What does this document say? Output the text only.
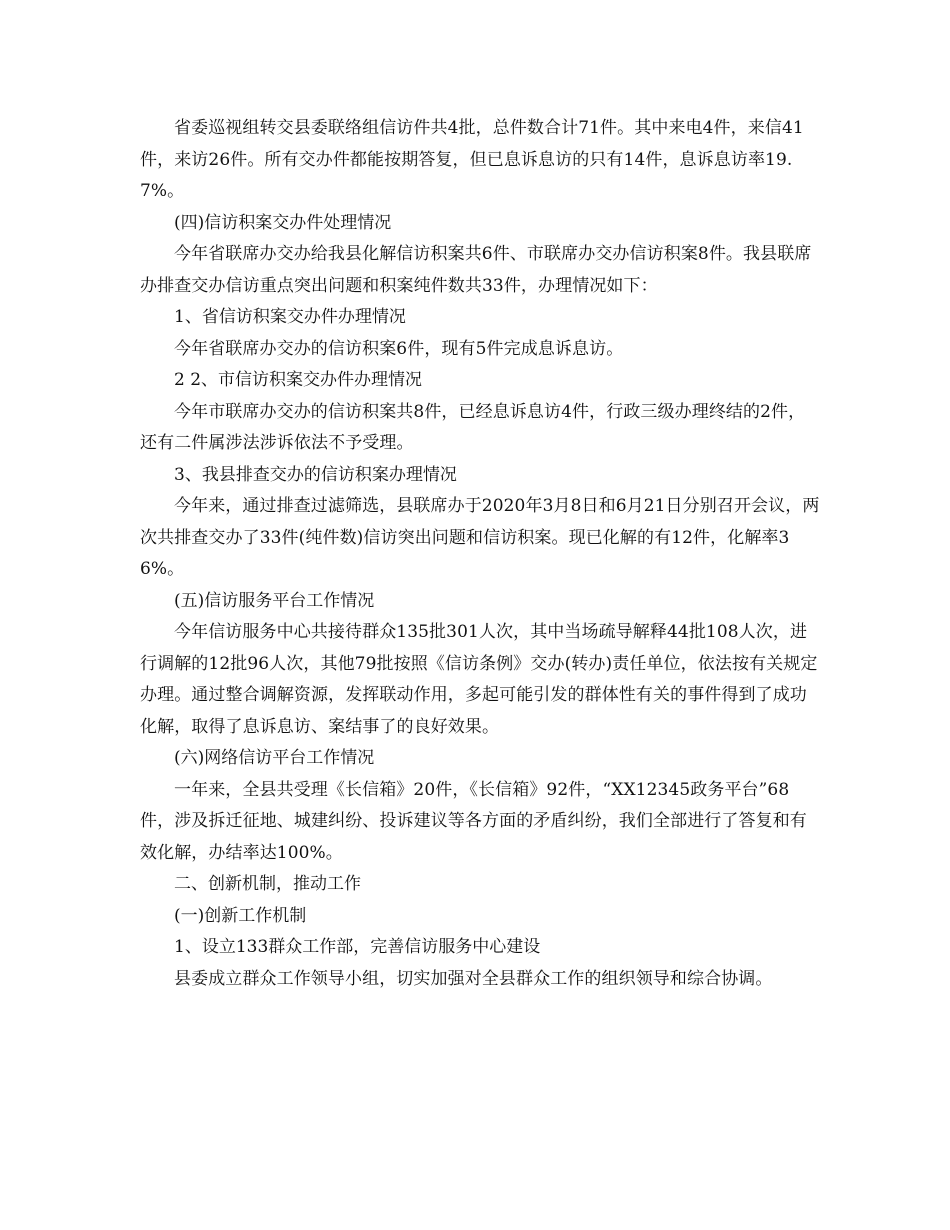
省委巡视组转交县委联络组信访件共4批，总件数合计71件。其中来电4件，来信41件，来访26件。所有交办件都能按期答复，但已息诉息访的只有14件，息诉息访率19.7%。

(四)信访积案交办件处理情况

今年省联席办交办给我县化解信访积案共6件、市联席办交办信访积案8件。我县联席办排查交办信访重点突出问题和积案纯件数共33件，办理情况如下：

1、省信访积案交办件办理情况

今年省联席办交办的信访积案6件，现有5件完成息诉息访。

2 2、市信访积案交办件办理情况

今年市联席办交办的信访积案共8件，已经息诉息访4件，行政三级办理终结的2件，还有二件属涉法涉诉依法不予受理。

3、我县排查交办的信访积案办理情况

今年来，通过排查过滤筛选，县联席办于2020年3月8日和6月21日分别召开会议，两次共排查交办了33件(纯件数)信访突出问题和信访积案。现已化解的有12件，化解率36%。

(五)信访服务平台工作情况

今年信访服务中心共接待群众135批301人次，其中当场疏导解释44批108人次，进行调解的12批96人次，其他79批按照《信访条例》交办(转办)责任单位，依法按有关规定办理。通过整合调解资源，发挥联动作用，多起可能引发的群体性有关的事件得到了成功化解，取得了息诉息访、案结事了的良好效果。

(六)网络信访平台工作情况

一年来，全县共受理《长信箱》20件，《长信箱》92件，“XX12345政务平台”68件，涉及拆迁征地、城建纠纷、投诉建议等各方面的矛盾纠纷，我们全部进行了答复和有效化解，办结率达100%。

二、创新机制，推动工作

(一)创新工作机制

1、设立133群众工作部，完善信访服务中心建设

县委成立群众工作领导小组，切实加强对全县群众工作的组织领导和综合协调。
